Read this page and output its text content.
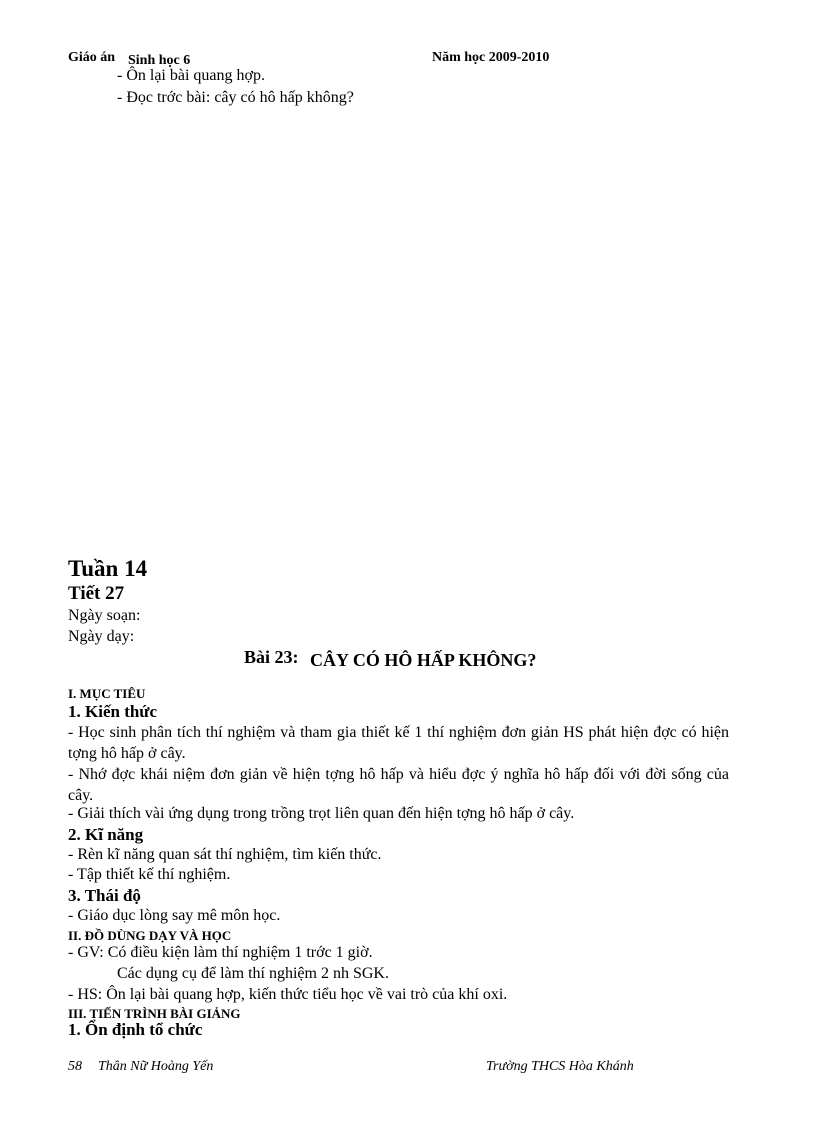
Giáo án Sinh học 6	Năm học 2009-2010
- Ôn lại bài quang hợp.
- Đọc trớc bài: cây có hô hấp không?
Tuần 14
Tiết 27
Ngày soạn:
Ngày dạy:
Bài 23: CÂY CÓ HÔ HẤP KHÔNG?
I. MỤC TIÊU
1. Kiến thức
- Học sinh phân tích thí nghiệm và tham gia thiết kế 1 thí nghiệm đơn giản HS phát hiện đợc có hiện tợng hô hấp ở cây.
- Nhớ đợc khái niệm đơn giản về hiện tợng hô hấp và hiểu đợc ý nghĩa hô hấp đối với đời sống của cây.
- Giải thích vài ứng dụng trong trồng trọt liên quan đến hiện tợng hô hấp ở cây.
2. Kĩ năng
- Rèn kĩ năng quan sát thí nghiệm, tìm kiến thức.
- Tập thiết kế thí nghiệm.
3. Thái độ
- Giáo dục lòng say mê môn học.
II. ĐỒ DÙNG DẠY VÀ HỌC
- GV: Có điều kiện làm thí nghiệm 1 trớc 1 giờ.
Các dụng cụ để làm thí nghiệm 2 nh SGK.
- HS: Ôn lại bài quang hợp, kiến thức tiểu học về vai trò của khí oxi.
III. TIẾN TRÌNH BÀI GIẢNG
1. Ổn định tổ chức
58 Thân Nữ Hoàng Yến	Trường THCS Hòa Khánh
